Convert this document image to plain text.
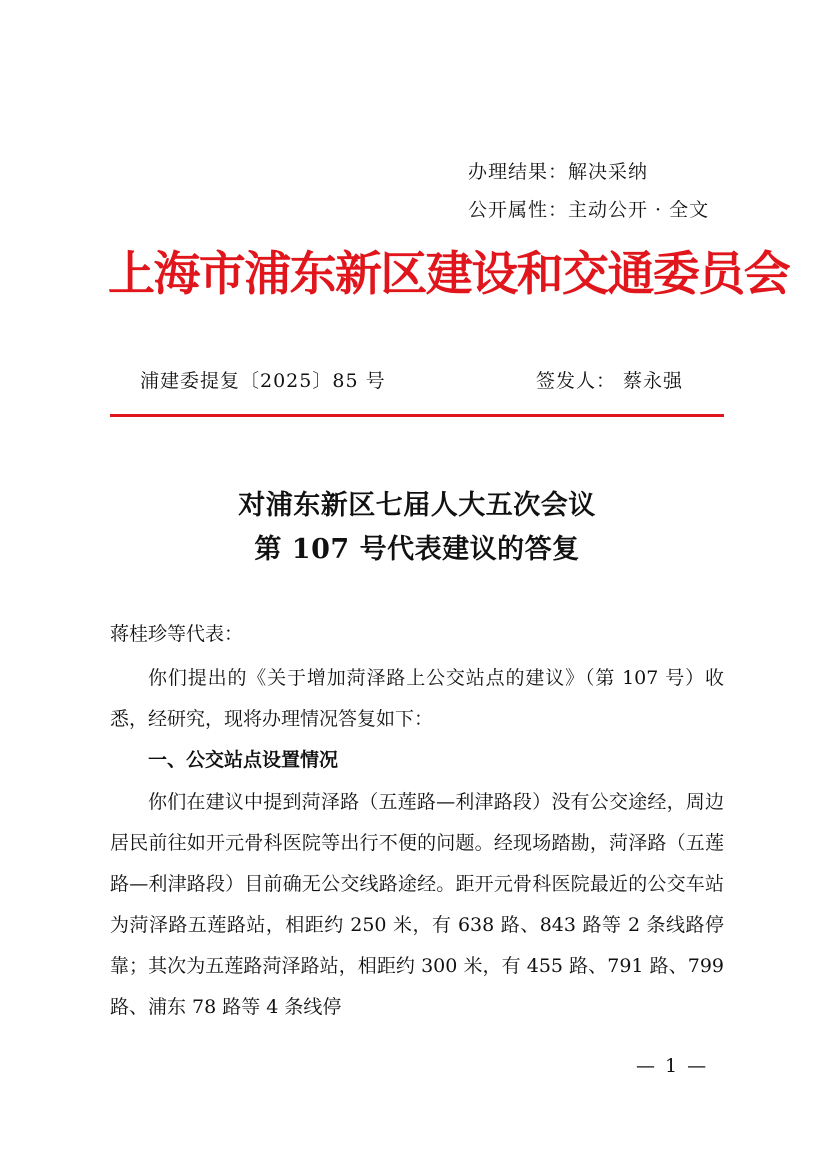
办理结果：解决采纳
公开属性：主动公开 · 全文
上海市浦东新区建设和交通委员会
浦建委提复〔2025〕85 号	签发人： 蔡永强
对浦东新区七届人大五次会议
第 107 号代表建议的答复
蒋桂珍等代表：

你们提出的《关于增加菏泽路上公交站点的建议》（第 107 号）收悉，经研究，现将办理情况答复如下：

一、公交站点设置情况

你们在建议中提到菏泽路（五莲路—利津路段）没有公交途经，周边居民前往如开元骨科医院等出行不便的问题。经现场踏勘，菏泽路（五莲路—利津路段）目前确无公交线路途经。距开元骨科医院最近的公交车站为菏泽路五莲路站，相距约 250 米，有 638 路、843 路等 2 条线路停靠；其次为五莲路菏泽路站，相距约 300 米，有 455 路、791 路、799 路、浦东 78 路等 4 条线停

— 1 —
